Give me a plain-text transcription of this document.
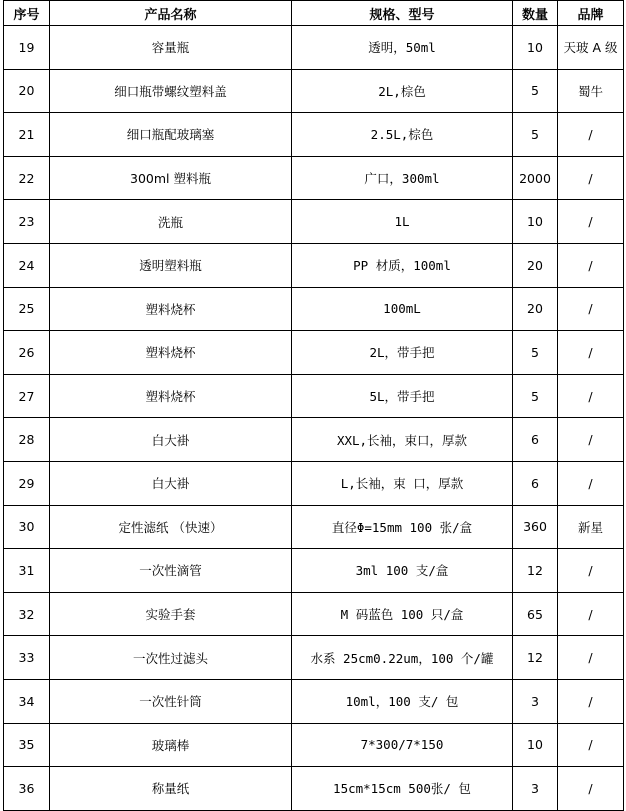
序号	产品名称	规格、型号	数量	品牌
19	容量瓶	透明，50ml	10	天玻 A 级
20	细口瓶带螺纹塑料盖	2L,棕色	5	蜀牛
21	细口瓶配玻璃塞	2.5L,棕色	5	/
22	300ml 塑料瓶	广口，300ml	2000	/
23	洗瓶	1L	10	/
24	透明塑料瓶	PP 材质，100ml	20	/
25	塑料烧杯	100mL	20	/
26	塑料烧杯	2L，带手把	5	/
27	塑料烧杯	5L，带手把	5	/
28	白大褂	XXL,长袖，束口，厚款	6	/
29	白大褂	L,长袖，束 口，厚款	6	/
30	定性滤纸 （快速）	直径Φ=15mm 100 张/盒	360	新星
31	一次性滴管	3ml 100 支/盒	12	/
32	实验手套	M 码蓝色 100 只/盒	65	/
33	一次性过滤头	水系 25cm0.22um，100 个/罐	12	/
34	一次性针筒	10ml，100 支/ 包	3	/
35	玻璃棒	7*300/7*150	10	/
36	称量纸	15cm*15cm 500张/ 包	3	/
